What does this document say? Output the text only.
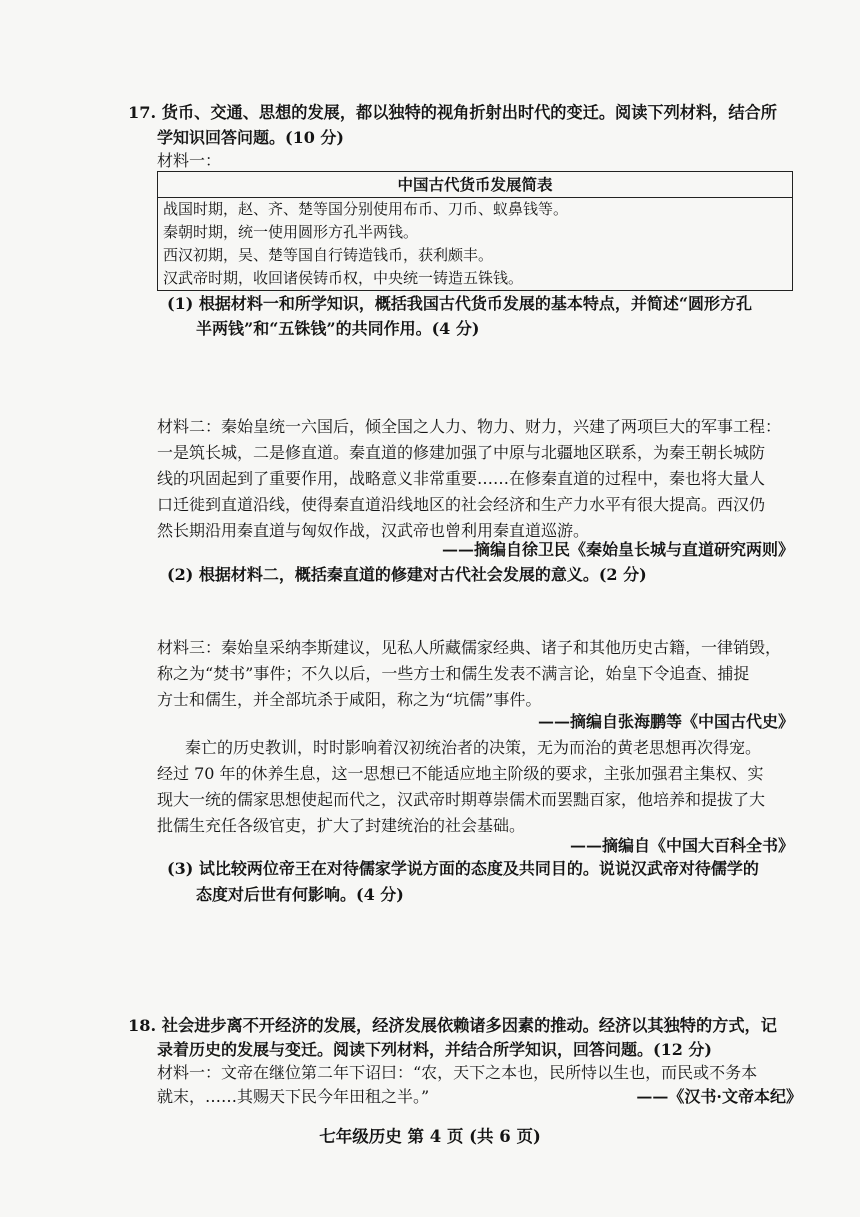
17. 货币、交通、思想的发展，都以独特的视角折射出时代的变迁。阅读下列材料，结合所
学知识回答问题。(10 分)
材料一：
中国古代货币发展简表
战国时期，赵、齐、楚等国分别使用布币、刀币、蚁鼻钱等。
秦朝时期，统一使用圆形方孔半两钱。
西汉初期，吴、楚等国自行铸造钱币，获利颇丰。
汉武帝时期，收回诸侯铸币权，中央统一铸造五铢钱。
(1) 根据材料一和所学知识，概括我国古代货币发展的基本特点，并简述“圆形方孔
半两钱”和“五铢钱”的共同作用。(4 分)
材料二：秦始皇统一六国后，倾全国之人力、物力、财力，兴建了两项巨大的军事工程：
一是筑长城，二是修直道。秦直道的修建加强了中原与北疆地区联系，为秦王朝长城防
线的巩固起到了重要作用，战略意义非常重要……在修秦直道的过程中，秦也将大量人
口迁徙到直道沿线，使得秦直道沿线地区的社会经济和生产力水平有很大提高。西汉仍
然长期沿用秦直道与匈奴作战，汉武帝也曾利用秦直道巡游。
——摘编自徐卫民《秦始皇长城与直道研究两则》
(2) 根据材料二，概括秦直道的修建对古代社会发展的意义。(2 分)
材料三：秦始皇采纳李斯建议，见私人所藏儒家经典、诸子和其他历史古籍，一律销毁，
称之为“焚书”事件；不久以后，一些方士和儒生发表不满言论，始皇下令追查、捕捉
方士和儒生，并全部坑杀于咸阳，称之为“坑儒”事件。
——摘编自张海鹏等《中国古代史》
秦亡的历史教训，时时影响着汉初统治者的决策，无为而治的黄老思想再次得宠。
经过 70 年的休养生息，这一思想已不能适应地主阶级的要求，主张加强君主集权、实
现大一统的儒家思想使起而代之，汉武帝时期尊崇儒术而罢黜百家，他培养和提拔了大
批儒生充任各级官吏，扩大了封建统治的社会基础。
——摘编自《中国大百科全书》
(3) 试比较两位帝王在对待儒家学说方面的态度及共同目的。说说汉武帝对待儒学的
态度对后世有何影响。(4 分)
18. 社会进步离不开经济的发展，经济发展依赖诸多因素的推动。经济以其独特的方式，记
录着历史的发展与变迁。阅读下列材料，并结合所学知识，回答问题。(12 分)
材料一：文帝在继位第二年下诏曰：“农，天下之本也，民所恃以生也，而民或不务本
就末，……其赐天下民今年田租之半。”	——《汉书·文帝本纪》
七年级历史 第 4 页 (共 6 页)
